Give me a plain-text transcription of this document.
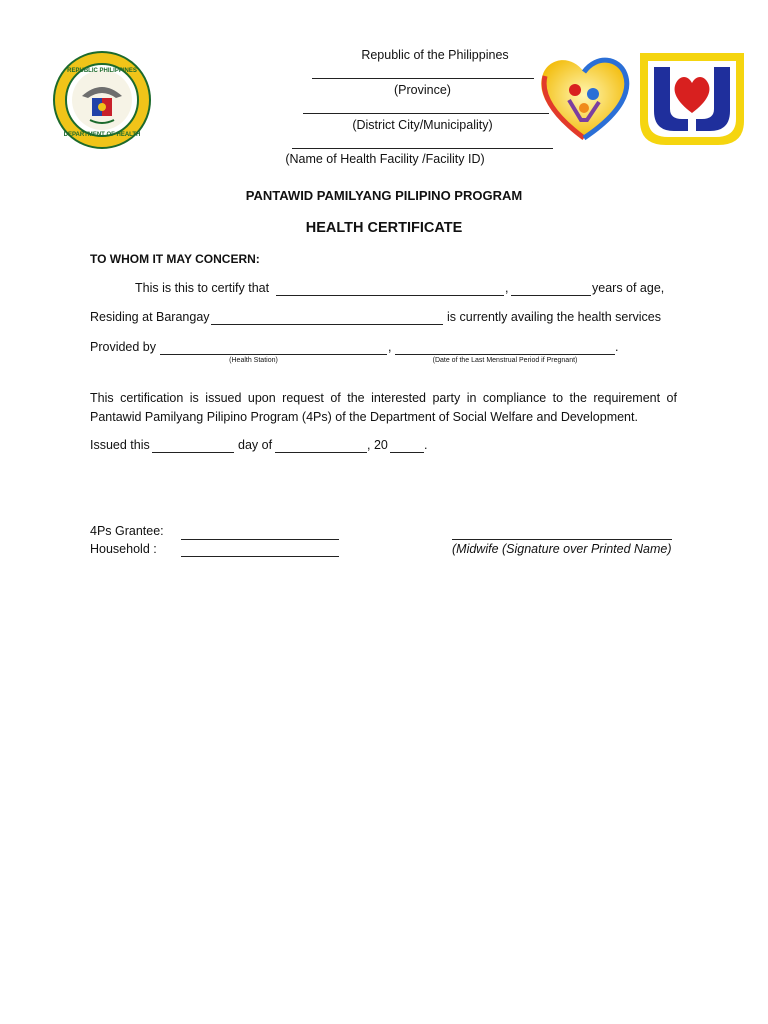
REPUBLIC PHILIPPINES
DEPARTMENT OF HEALTH
Republic of the Philippines
(Province)
(District City/Municipality)
(Name of Health Facility /Facility ID)
PANTAWID PAMILYANG PILIPINO PROGRAM
HEALTH CERTIFICATE
TO WHOM IT MAY CONCERN:
This is this to certify that	,	years of age,
Residing at Barangay	is currently availing the health services
Provided by	,	.
(Health Station)	(Date of the Last Menstrual Period if Pregnant)
This certification is issued upon request of the interested party in compliance to the requirement of
Pantawid Pamilyang Pilipino Program (4Ps) of the Department of Social Welfare and Development.
Issued this	day of	, 20	.
4Ps Grantee:
Household :	(Midwife (Signature over Printed Name)
